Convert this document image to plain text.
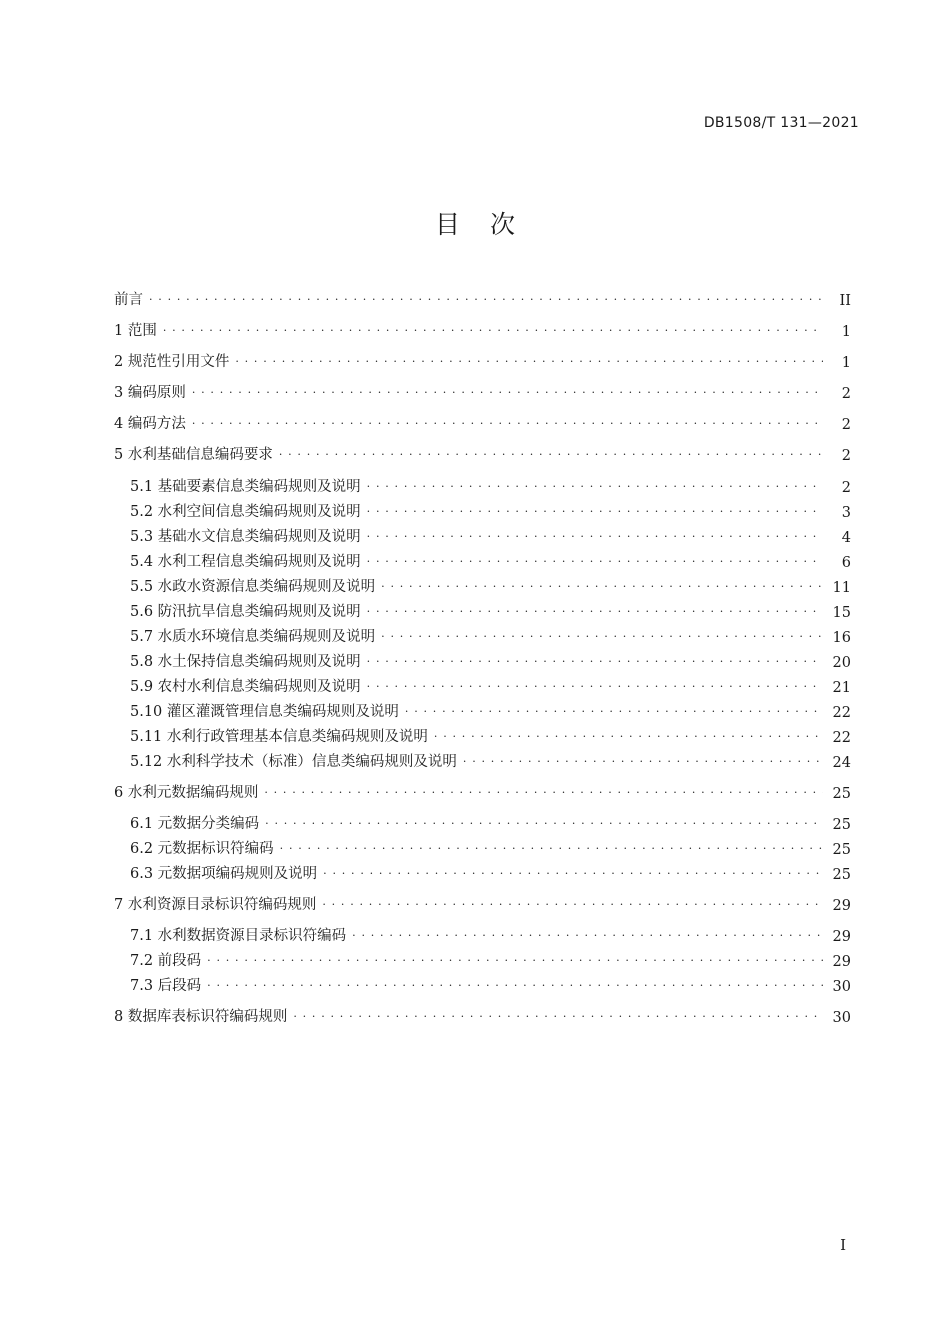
DB1508/T 131—2021
目次
前言 . . .	II
1 范围 . . .	1
2 规范性引用文件 . . .	1
3 编码原则 . . .	2
4 编码方法 . . .	2
5 水利基础信息编码要求 . . .	2
5.1 基础要素信息类编码规则及说明 . . .	2
5.2 水利空间信息类编码规则及说明 . . .	3
5.3 基础水文信息类编码规则及说明 . . .	4
5.4 水利工程信息类编码规则及说明 . . .	6
5.5 水政水资源信息类编码规则及说明 . . .	11
5.6 防汛抗旱信息类编码规则及说明 . . .	15
5.7 水质水环境信息类编码规则及说明 . . .	16
5.8 水土保持信息类编码规则及说明 . . .	20
5.9 农村水利信息类编码规则及说明 . . .	21
5.10 灌区灌溉管理信息类编码规则及说明 . . .	22
5.11 水利行政管理基本信息类编码规则及说明 . . .	22
5.12 水利科学技术（标准）信息类编码规则及说明 . . .	24
6 水利元数据编码规则 . . .	25
6.1 元数据分类编码 . . .	25
6.2 元数据标识符编码 . . .	25
6.3 元数据项编码规则及说明 . . .	25
7 水利资源目录标识符编码规则 . . .	29
7.1 水利数据资源目录标识符编码 . . .	29
7.2 前段码 . . .	29
7.3 后段码 . . .	30
8 数据库表标识符编码规则 . . .	30
I
